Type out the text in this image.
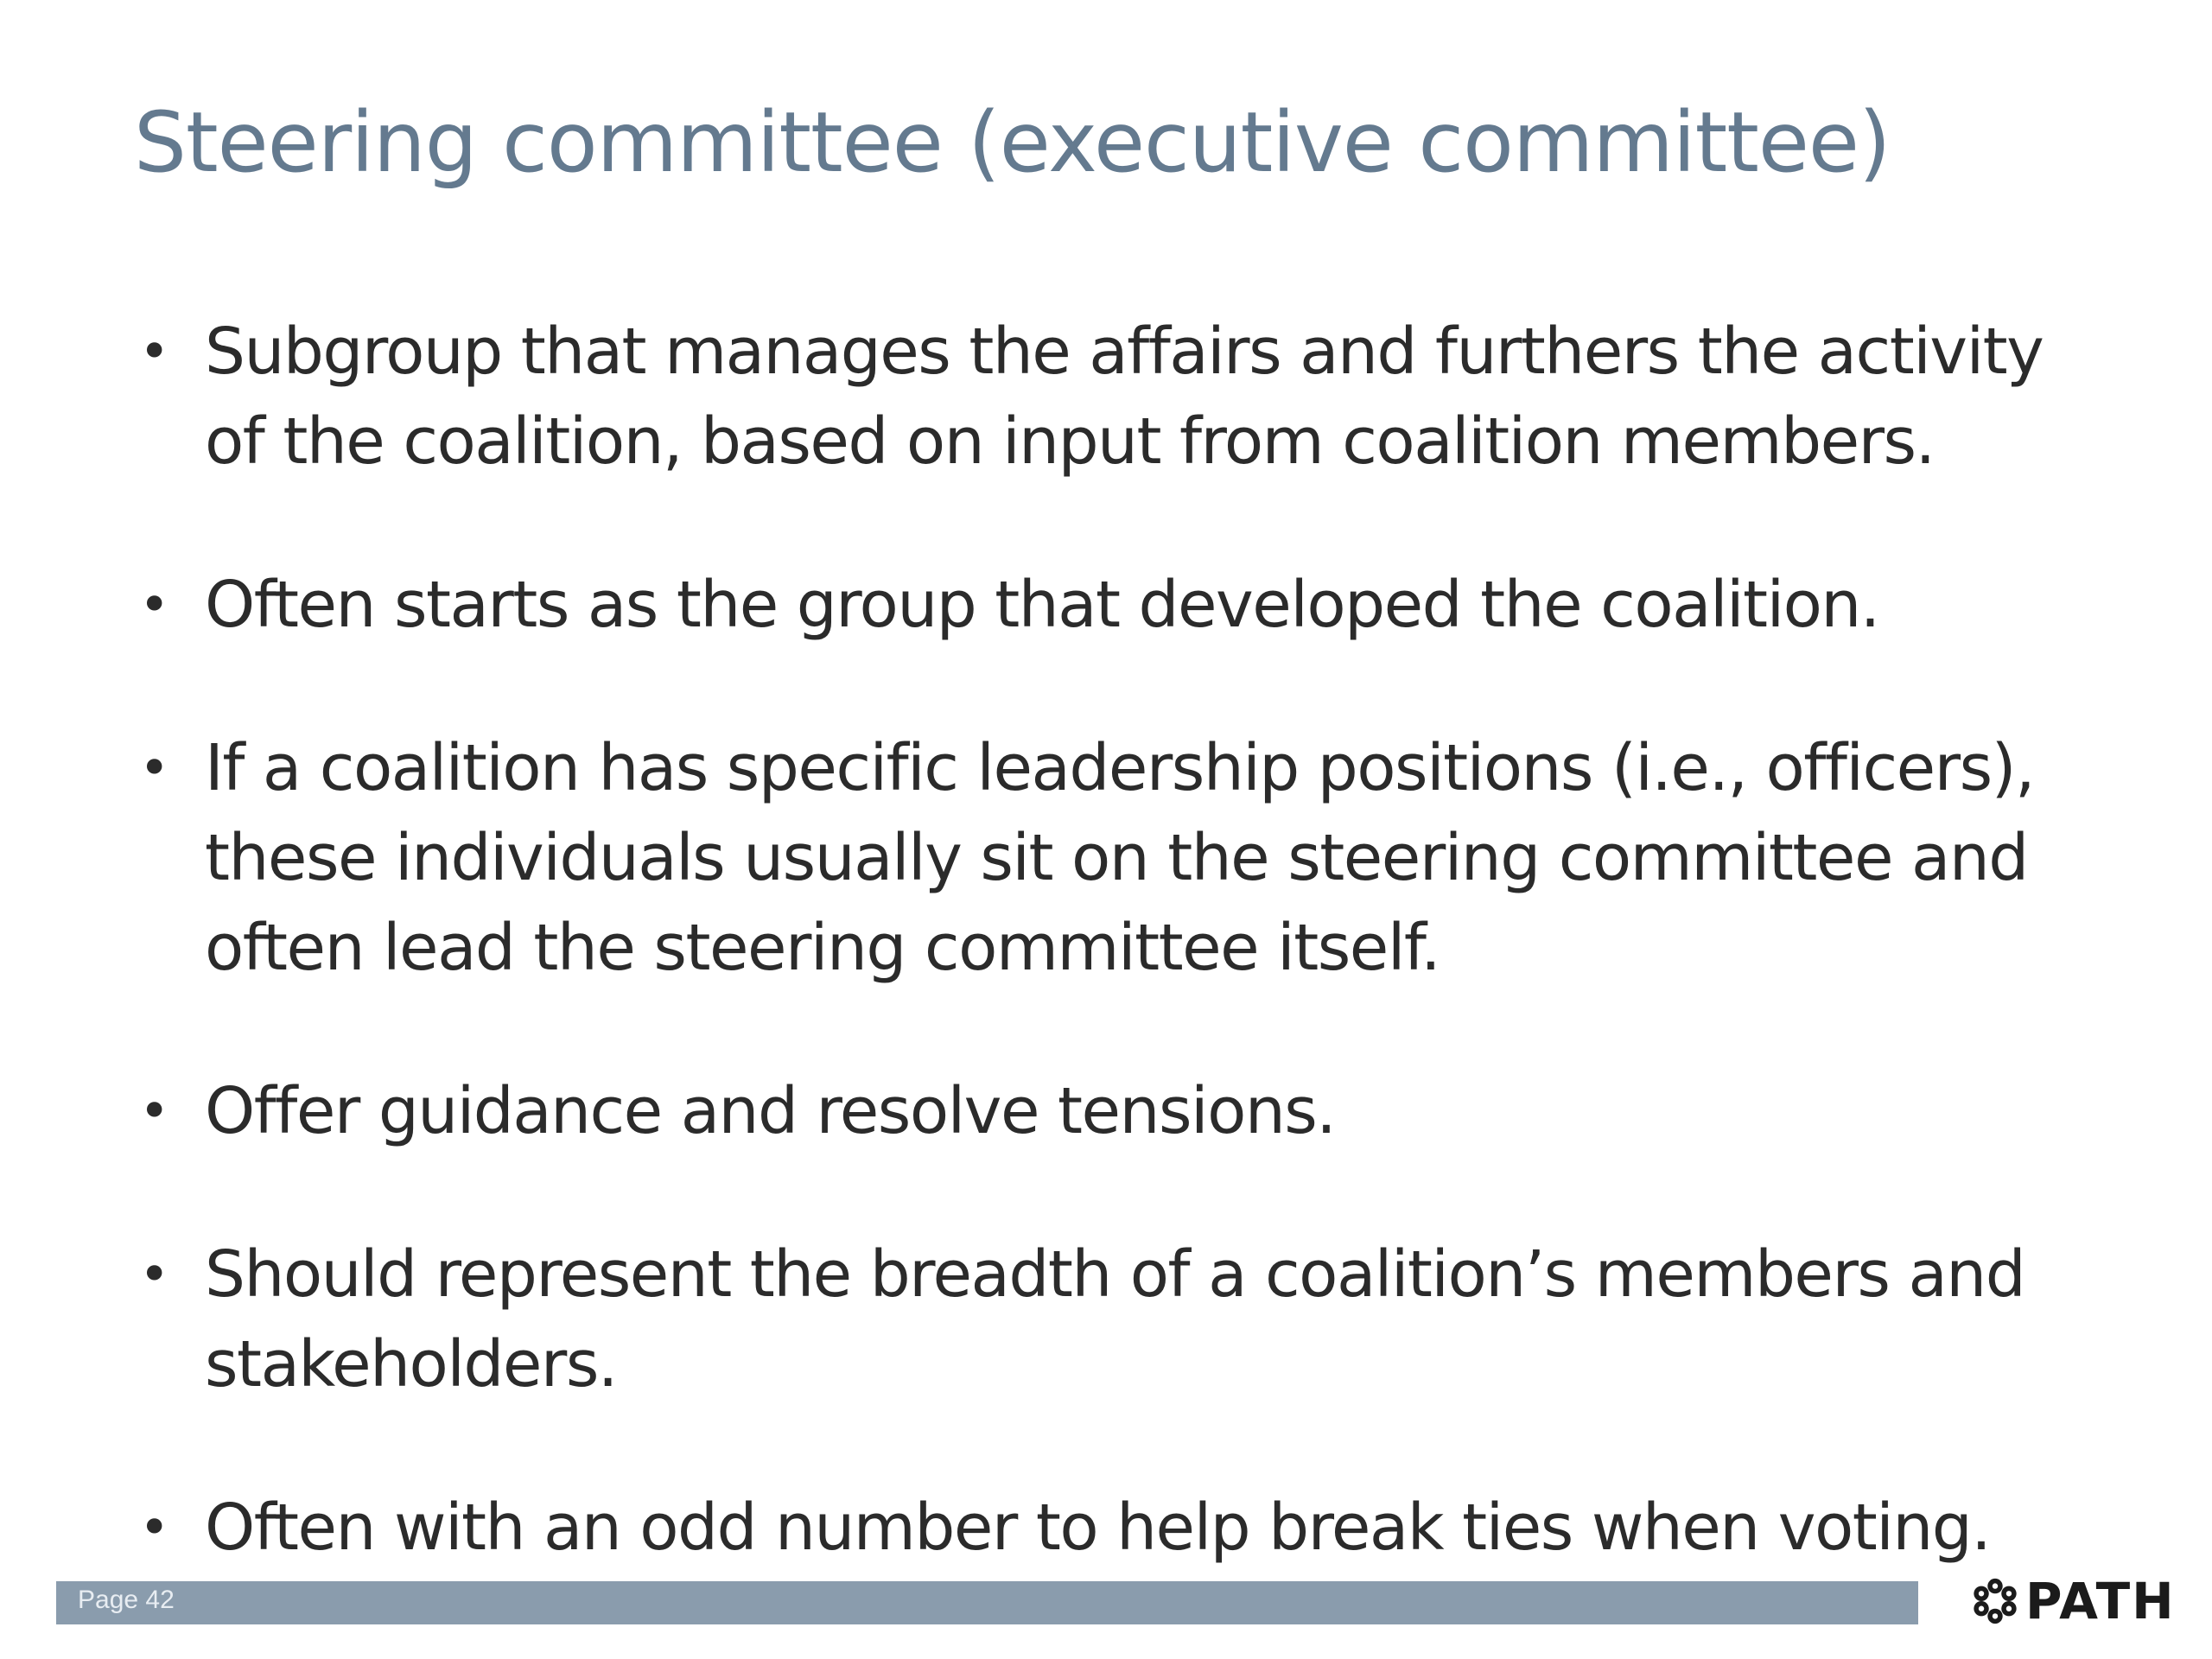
Steering committee (executive committee)
• Subgroup that manages the affairs and furthers the activity of the coalition, based on input from coalition members.
• Often starts as the group that developed the coalition.
• If a coalition has specific leadership positions (i.e., officers), these individuals usually sit on the steering committee and often lead the steering committee itself.
• Offer guidance and resolve tensions.
• Should represent the breadth of a coalition’s members and stakeholders.
• Often with an odd number to help break ties when voting.
Page 42	PATH
